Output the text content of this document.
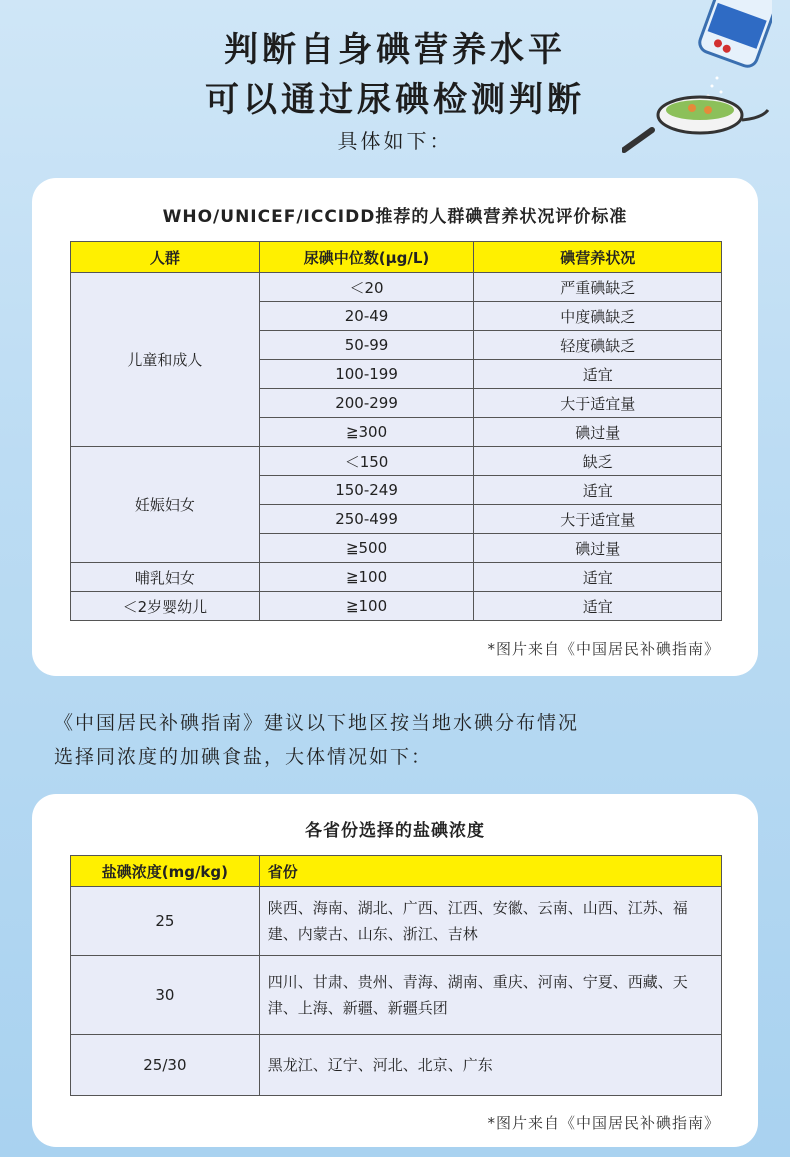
判断自身碘营养水平
可以通过尿碘检测判断
具体如下：
WHO/UNICEF/ICCIDD推荐的人群碘营养状况评价标准
人群	尿碘中位数(μg/L)	碘营养状况
儿童和成人	＜20	严重碘缺乏
	20-49	中度碘缺乏
	50-99	轻度碘缺乏
	100-199	适宜
	200-299	大于适宜量
	≧300	碘过量
妊娠妇女	＜150	缺乏
	150-249	适宜
	250-499	大于适宜量
	≧500	碘过量
哺乳妇女	≧100	适宜
＜2岁婴幼儿	≧100	适宜
*图片来自《中国居民补碘指南》
《中国居民补碘指南》建议以下地区按当地水碘分布情况
选择同浓度的加碘食盐，大体情况如下：
各省份选择的盐碘浓度
盐碘浓度(mg/kg)	省份
25	陕西、海南、湖北、广西、江西、安徽、云南、山西、江苏、福建、内蒙古、山东、浙江、吉林
30	四川、甘肃、贵州、青海、湖南、重庆、河南、宁夏、西藏、天津、上海、新疆、新疆兵团
25/30	黑龙江、辽宁、河北、北京、广东
*图片来自《中国居民补碘指南》
